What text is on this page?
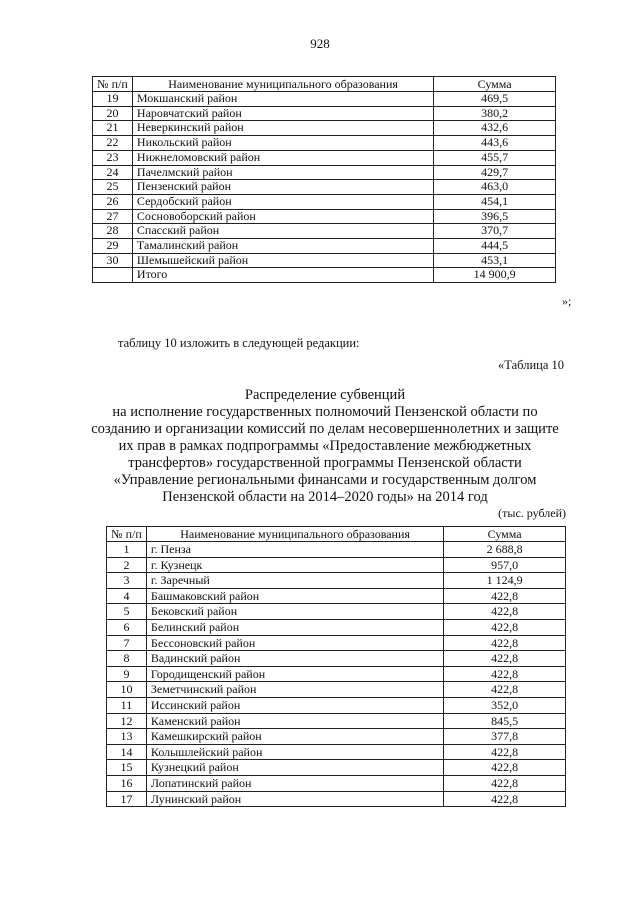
928
№ п/п	Наименование муниципального образования	Сумма
19	Мокшанский район	469,5
20	Наровчатский район	380,2
21	Неверкинский район	432,6
22	Никольский район	443,6
23	Нижнеломовский район	455,7
24	Пачелмский район	429,7
25	Пензенский район	463,0
26	Сердобский район	454,1
27	Сосновоборский район	396,5
28	Спасский район	370,7
29	Тамалинский район	444,5
30	Шемышейский район	453,1
	Итого	14 900,9
»;
таблицу 10 изложить в следующей редакции:
«Таблица 10
Распределение субвенций
на исполнение государственных полномочий Пензенской области по
созданию и организации комиссий по делам несовершеннолетних и защите
их прав в рамках подпрограммы «Предоставление межбюджетных
трансфертов» государственной программы Пензенской области
«Управление региональными финансами и государственным долгом
Пензенской области на 2014–2020 годы» на 2014 год
(тыс. рублей)
№ п/п	Наименование муниципального образования	Сумма
1	г. Пенза	2 688,8
2	г. Кузнецк	957,0
3	г. Заречный	1 124,9
4	Башмаковский район	422,8
5	Бековский район	422,8
6	Белинский район	422,8
7	Бессоновский район	422,8
8	Вадинский район	422,8
9	Городищенский район	422,8
10	Земетчинский район	422,8
11	Иссинский район	352,0
12	Каменский район	845,5
13	Камешкирский район	377,8
14	Колышлейский район	422,8
15	Кузнецкий район	422,8
16	Лопатинский район	422,8
17	Лунинский район	422,8
